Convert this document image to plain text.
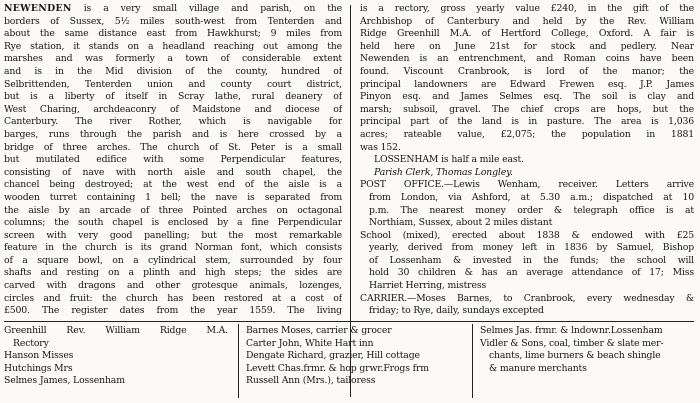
NEWENDEN is a very small village and parish, on the
borders of Sussex, 5½ miles south-west from Tenterden and
about the same distance east from Hawkhurst; 9 miles from
Rye station, it stands on a headland reaching out among the
marshes and was formerly a town of considerable extent
and is in the Mid division of the county, hundred of
Selbrittenden, Tenterden union and county court district,
but is a liberty of itself in Scray lathe, rural deanery of
West Charing, archdeaconry of Maidstone and diocese of
Canterbury. The river Rother, which is navigable for
barges, runs through the parish and is here crossed by a
bridge of three arches. The church of St. Peter is a small
but mutilated edifice with some Perpendicular features,
consisting of nave with north aisle and south chapel, the
chancel being destroyed; at the west end of the aisle is a
wooden turret containing 1 bell; the nave is separated from
the aisle by an arcade of three Pointed arches on octagonal
columns; the south chapel is enclosed by a fine Perpendicular
screen with very good panelling; but the most remarkable
feature in the church is its grand Norman font, which consists
of a square bowl, on a cylindrical stem, surrounded by four
shafts and resting on a plinth and high steps; the sides are
carved with dragons and other grotesque animals, lozenges,
circles and fruit: the church has been restored at a cost of
£500. The register dates from the year 1559. The living
is a rectory, gross yearly value £240, in the gift of the
Archbishop of Canterbury and held by the Rev. William
Ridge Greenhill M.A. of Hertford College, Oxford. A fair is
held here on June 21st for stock and pedlery. Near
Newenden is an entrenchment, and Roman coins have been
found. Viscount Cranbrook, is lord of the manor; the
principal landowners are Edward Frewen esq. J.P. James
Pinyon esq. and James Selmes esq. The soil is clay and
marsh; subsoil, gravel. The chief crops are hops, but the
principal part of the land is in pasture. The area is 1,036
acres; rateable value, £2,075; the population in 1881
was 152.
LOSSENHAM is half a mile east.
Parish Clerk, Thomas Longley.
POST OFFICE.—Lewis Wenham, receiver. Letters arrive
from London, via Ashford, at 5.30 a.m.; dispatched at 10
p.m. The nearest money order & telegraph office is at
Northiam, Sussex, about 2 miles distant
School (mixed), erected about 1838 & endowed with £25
yearly, derived from money left in 1836 by Samuel, Bishop
of Lossenham & invested in the funds; the school will
hold 30 children & has an average attendance of 17; Miss
Harriet Herring, mistress
CARRIER.—Moses Barnes, to Cranbrook, every wednesday &
friday; to Rye, daily, sundays excepted
Greenhill Rev. William Ridge M.A.
Rectory
Hanson Misses
Hutchings Mrs
Selmes James, Lossenham
Barnes Moses, carrier & grocer
Carter John, White Hart inn
Dengate Richard, grazier, Hill cottage
Levett Chas.frmr. & hop grwr.Frogs frm
Russell Ann (Mrs.), tailoress
Selmes Jas. frmr. & lndownr.Lossenham
Vidler & Sons, coal, timber & slate mer-
chants, lime burners & beach shingle
& manure merchants
